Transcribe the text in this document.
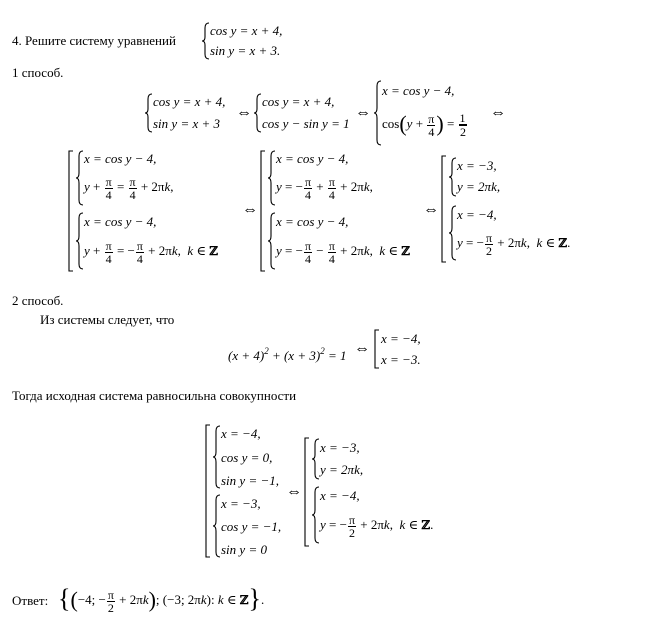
4. Решите систему уравнений
cos y = x + 4,
sin y = x + 3.
1 способ.
cos y = x + 4,
sin y = x + 3
⇔
cos y = x + 4,
cos y − sin y = 1
⇔
x = cos y − 4,
$\cos(y + \frac{\pi}{4}$ ) = $\frac{1}{2}$ ⇔
x = cos y − 4,
$y + \frac{\pi}{4} = \frac{\pi}{4} + 2\pi k$,
x = cos y − 4,
$y + \frac{\pi}{4}$ = − $\frac{\pi}{4} + 2\pi k$,  k ∈ ℤ
⇔
x = cos y − 4,
y = − $\frac{\pi}{4} + \frac{\pi}{4} + 2\pi k$,
x = cos y − 4,
y = − $\frac{\pi}{4} - \frac{\pi}{4} + 2\pi k$,  k ∈ ℤ
⇔
x = −3,
y = 2πk,
x = −4,
y = − $\frac{\pi}{2} + 2\pi k$,  k ∈ ℤ.
2 способ.
Из системы следует, что
$(x + 4)^2 + (x + 3)^2 = 1$ ⇔
x = −4,
x = −3.
Тогда исходная система равносильна совокупности
x = −4,
cos y = 0,
sin y = −1,
x = −3,
cos y = −1,
sin y = 0
⇔
x = −3,
y = 2πk,
x = −4,
y = − $\frac{\pi}{2} + 2\pi k$,  k ∈ ℤ.
Ответ: {(−4; − $\frac{\pi}{2} + 2\pi k$); (−3; 2πk): k ∈ ℤ}.
